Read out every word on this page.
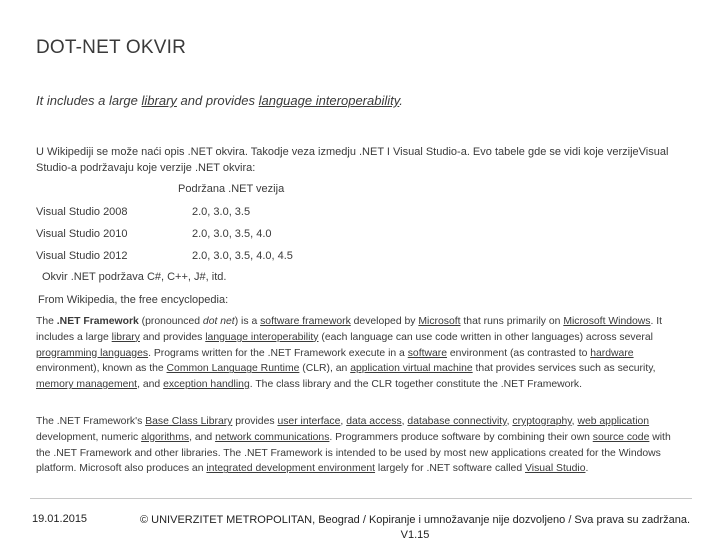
DOT-NET OKVIR
It includes a large library and provides language interoperability.
U Wikipediji se može naći opis .NET okvira. Takodje veza izmedju .NET I Visual Studio-a. Evo tabele gde se vidi koje verzijeVisual Studio-a podržavaju koje verzije .NET okvira:
Podržana .NET vezija
Visual Studio 2008	2.0, 3.0, 3.5
Visual Studio 2010	2.0, 3.0, 3.5, 4.0
Visual Studio 2012	2.0, 3.0, 3.5, 4.0, 4.5
Okvir .NET podržava C#, C++, J#, itd.
From Wikipedia, the free encyclopedia:
The .NET Framework (pronounced dot net) is a software framework developed by Microsoft that runs primarily on Microsoft Windows. It includes a large library and provides language interoperability (each language can use code written in other languages) across several programming languages. Programs written for the .NET Framework execute in a software environment (as contrasted to hardware environment), known as the Common Language Runtime (CLR), an application virtual machine that provides services such as security, memory management, and exception handling. The class library and the CLR together constitute the .NET Framework.
The .NET Framework's Base Class Library provides user interface, data access, database connectivity, cryptography, web application development, numeric algorithms, and network communications. Programmers produce software by combining their own source code with the .NET Framework and other libraries. The .NET Framework is intended to be used by most new applications created for the Windows platform. Microsoft also produces an integrated development environment largely for .NET software called Visual Studio.
19.01.2015	© UNIVERZITET METROPOLITAN, Beograd / Kopiranje i umnožavanje nije dozvoljeno / Sva prava su zadržana. V1.15
